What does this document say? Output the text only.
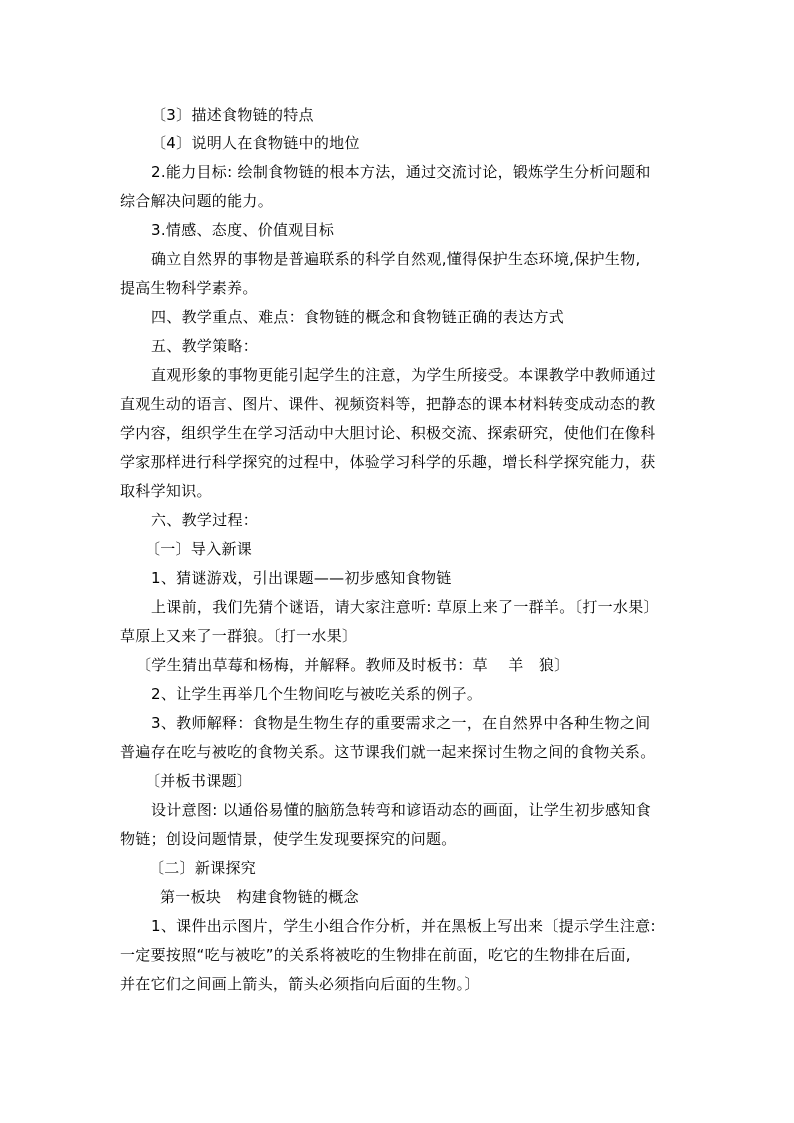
〔3〕描述食物链的特点
〔4〕说明人在食物链中的地位
2.能力目标: 绘制食物链的根本方法，通过交流讨论，锻炼学生分析问题和
综合解决问题的能力。
3.情感、态度、价值观目标
确立自然界的事物是普遍联系的科学自然观,懂得保护生态环境,保护生物,
提高生物科学素养。
四、教学重点、难点：食物链的概念和食物链正确的表达方式
五、教学策略：
直观形象的事物更能引起学生的注意，为学生所接受。本课教学中教师通过
直观生动的语言、图片、课件、视频资料等，把静态的课本材料转变成动态的教
学内容，组织学生在学习活动中大胆讨论、积极交流、探索研究，使他们在像科
学家那样进行科学探究的过程中，体验学习科学的乐趣，增长科学探究能力，获
取科学知识。
六、教学过程：
〔一〕导入新课
1、猜谜游戏，引出课题——初步感知食物链
上课前，我们先猜个谜语，请大家注意听: 草原上来了一群羊。〔打一水果〕
草原上又来了一群狼。〔打一水果〕
〔学生猜出草莓和杨梅，并解释。教师及时板书：草　 羊　狼〕
2、让学生再举几个生物间吃与被吃关系的例子。
3、教师解释：食物是生物生存的重要需求之一，在自然界中各种生物之间
普遍存在吃与被吃的食物关系。这节课我们就一起来探讨生物之间的食物关系。
〔并板书课题〕
设计意图: 以通俗易懂的脑筋急转弯和谚语动态的画面，让学生初步感知食
物链；创设问题情景，使学生发现要探究的问题。
〔二〕新课探究
第一板块　构建食物链的概念
1、课件出示图片，学生小组合作分析，并在黑板上写出来〔提示学生注意:
一定要按照“吃与被吃”的关系将被吃的生物排在前面，吃它的生物排在后面,
并在它们之间画上箭头，箭头必须指向后面的生物。〕
